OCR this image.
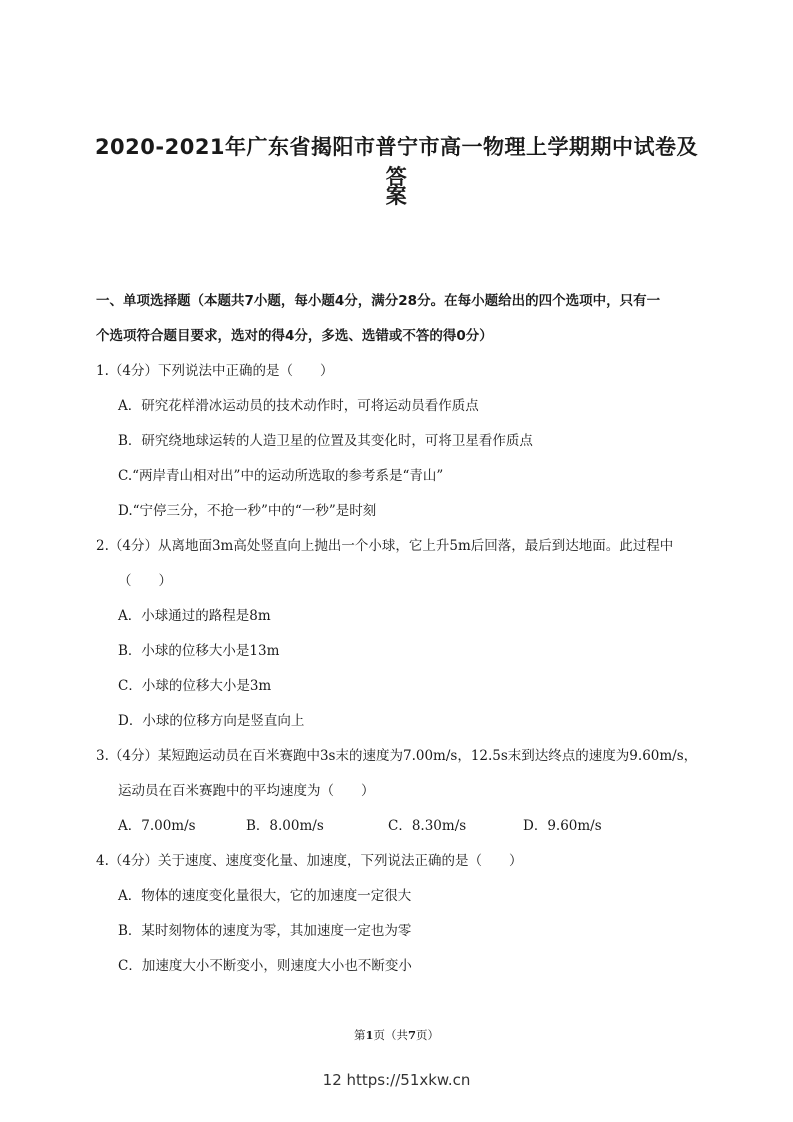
2020-2021年广东省揭阳市普宁市高一物理上学期期中试卷及答
案
一、单项选择题（本题共7小题，每小题4分，满分28分。在每小题给出的四个选项中，只有一
个选项符合题目要求，选对的得4分，多选、选错或不答的得0分）
1.（4分）下列说法中正确的是（　　）
A．研究花样滑冰运动员的技术动作时，可将运动员看作质点
B．研究绕地球运转的人造卫星的位置及其变化时，可将卫星看作质点
C.“两岸青山相对出”中的运动所选取的参考系是“青山”
D.“宁停三分，不抢一秒”中的“一秒”是时刻
2.（4分）从离地面3m高处竖直向上抛出一个小球，它上升5m后回落，最后到达地面。此过程中
（　　）
A．小球通过的路程是8m
B．小球的位移大小是13m
C．小球的位移大小是3m
D．小球的位移方向是竖直向上
3.（4分）某短跑运动员在百米赛跑中3s末的速度为7.00m/s，12.5s末到达终点的速度为9.60m/s，
运动员在百米赛跑中的平均速度为（　　）
A．7.00m/s	B．8.00m/s	C．8.30m/s	D．9.60m/s
4.（4分）关于速度、速度变化量、加速度，下列说法正确的是（　　）
A．物体的速度变化量很大，它的加速度一定很大
B．某时刻物体的速度为零，其加速度一定也为零
C．加速度大小不断变小，则速度大小也不断变小
第1页（共7页）
12 https://51xkw.cn
